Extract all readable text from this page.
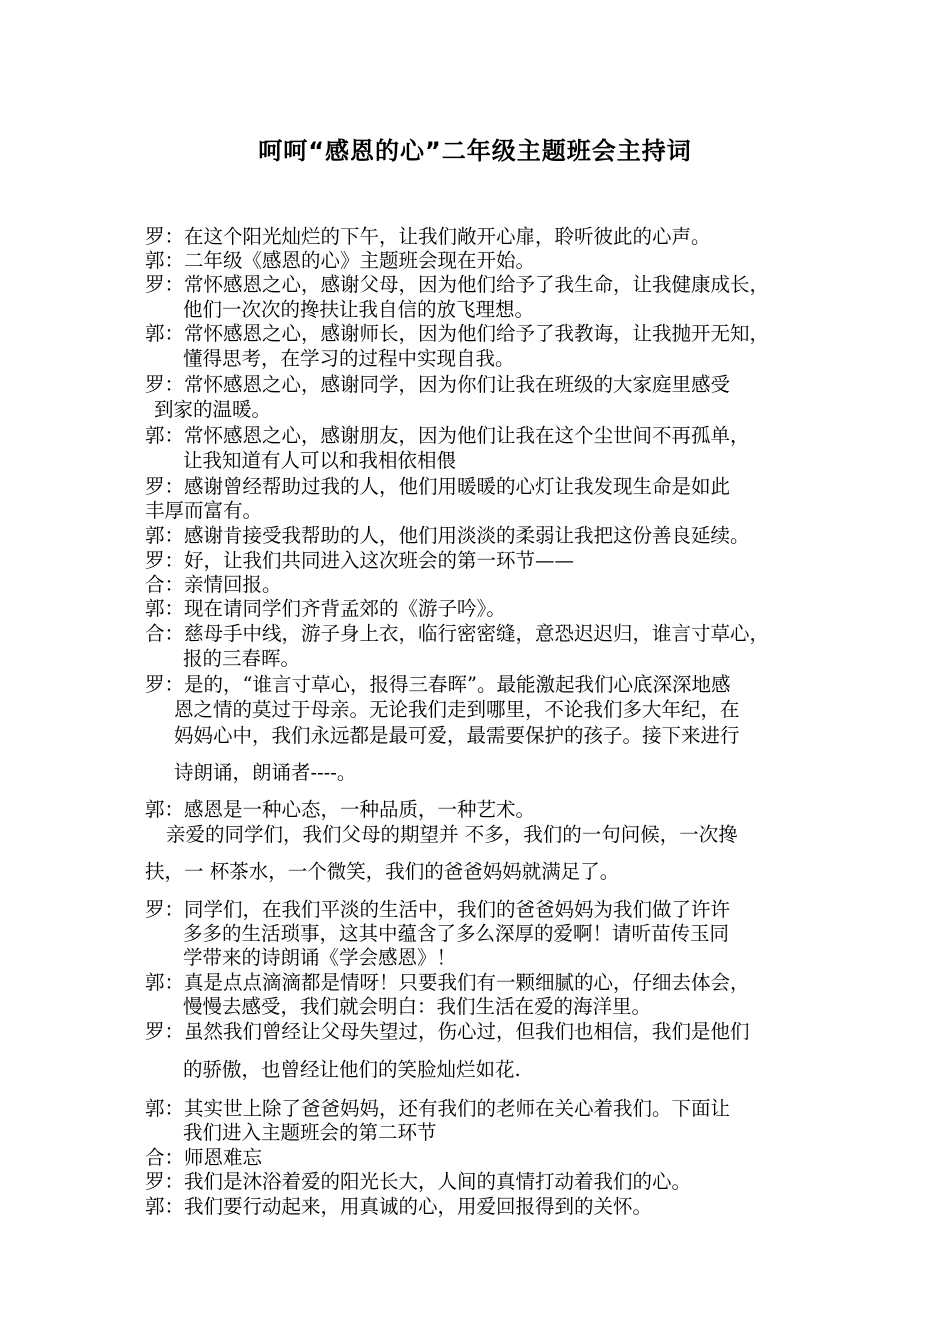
呵呵“感恩的心”二年级主题班会主持词
罗：在这个阳光灿烂的下午，让我们敞开心扉，聆听彼此的心声。
郭：二年级《感恩的心》主题班会现在开始。
罗：常怀感恩之心，感谢父母，因为他们给予了我生命，让我健康成长，
他们一次次的搀扶让我自信的放飞理想。
郭：常怀感恩之心，感谢师长，因为他们给予了我教诲，让我抛开无知，
懂得思考，在学习的过程中实现自我。
罗：常怀感恩之心，感谢同学，因为你们让我在班级的大家庭里感受
到家的温暖。
郭：常怀感恩之心，感谢朋友，因为他们让我在这个尘世间不再孤单，
让我知道有人可以和我相依相偎
罗：感谢曾经帮助过我的人，他们用暖暖的心灯让我发现生命是如此
丰厚而富有。
郭：感谢肯接受我帮助的人，他们用淡淡的柔弱让我把这份善良延续。
罗：好，让我们共同进入这次班会的第一环节——
合：亲情回报。
郭：现在请同学们齐背孟郊的《游子吟》。
合：慈母手中线，游子身上衣，临行密密缝，意恐迟迟归，谁言寸草心，
报的三春晖。
罗：是的，“谁言寸草心，报得三春晖”。最能激起我们心底深深地感
恩之情的莫过于母亲。无论我们走到哪里，不论我们多大年纪，在
妈妈心中，我们永远都是最可爱，最需要保护的孩子。接下来进行
诗朗诵，朗诵者----。
郭：感恩是一种心态，一种品质，一种艺术。
亲爱的同学们，我们父母的期望并 不多，我们的一句问候，一次搀
扶，一 杯茶水，一个微笑，我们的爸爸妈妈就满足了。
罗：同学们，在我们平淡的生活中，我们的爸爸妈妈为我们做了许许
多多的生活琐事，这其中蕴含了多么深厚的爱啊！请听苗传玉同
学带来的诗朗诵《学会感恩》！
郭：真是点点滴滴都是情呀！只要我们有一颗细腻的心，仔细去体会，
慢慢去感受，我们就会明白：我们生活在爱的海洋里。
罗：虽然我们曾经让父母失望过，伤心过，但我们也相信，我们是他们
的骄傲，也曾经让他们的笑脸灿烂如花.
郭：其实世上除了爸爸妈妈，还有我们的老师在关心着我们。下面让
我们进入主题班会的第二环节
合：师恩难忘
罗：我们是沐浴着爱的阳光长大，人间的真情打动着我们的心。
郭：我们要行动起来，用真诚的心，用爱回报得到的关怀。
